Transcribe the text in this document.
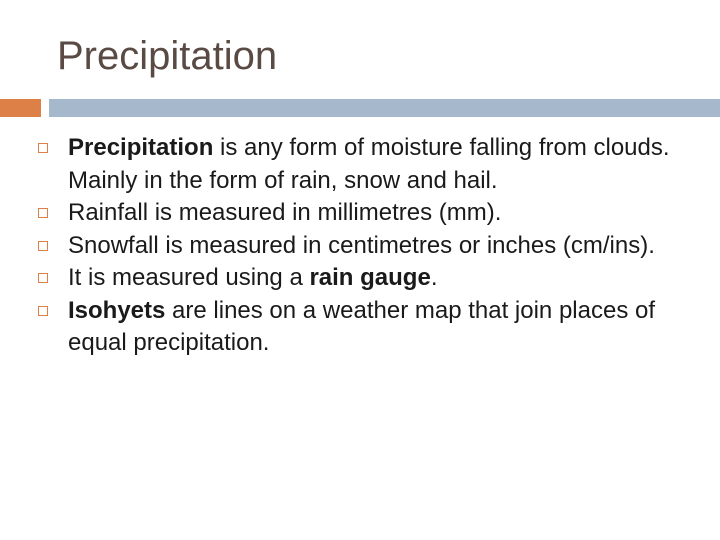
Precipitation
Precipitation is any form of moisture falling from clouds. Mainly in the form of rain, snow and hail.
Rainfall is measured in millimetres (mm).
Snowfall is measured in centimetres or inches (cm/ins).
It is measured using a rain gauge.
Isohyets are lines on a weather map that join places of equal precipitation.
